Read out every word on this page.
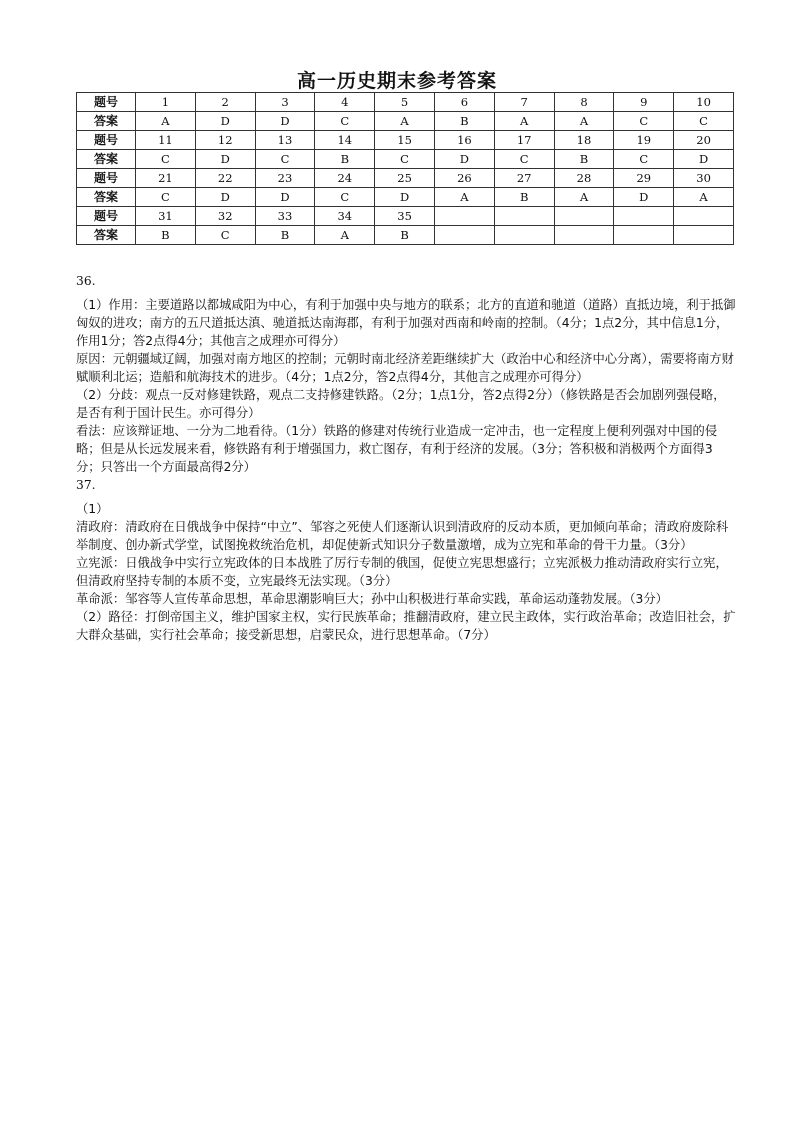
高一历史期末参考答案
题号	1	2	3	4	5	6	7	8	9	10
答案	A	D	D	C	A	B	A	A	C	C
题号	11	12	13	14	15	16	17	18	19	20
答案	C	D	C	B	C	D	C	B	C	D
题号	21	22	23	24	25	26	27	28	29	30
答案	C	D	D	C	D	A	B	A	D	A
题号	31	32	33	34	35					
答案	B	C	B	A	B					

36.

（1）作用：主要道路以都城咸阳为中心，有利于加强中央与地方的联系；北方的直道和驰道（道路）直抵边境，利于抵御匈奴的进攻；南方的五尺道抵达滇、驰道抵达南海郡，有利于加强对西南和岭南的控制。（4分；1点2分，其中信息1分，作用1分；答2点得4分；其他言之成理亦可得分）

原因：元朝疆域辽阔，加强对南方地区的控制；元朝时南北经济差距继续扩大（政治中心和经济中心分离），需要将南方财赋顺利北运；造船和航海技术的进步。（4分；1点2分，答2点得4分，其他言之成理亦可得分）

（2）分歧：观点一反对修建铁路，观点二支持修建铁路。（2分；1点1分，答2点得2分）（修铁路是否会加剧列强侵略，是否有利于国计民生。亦可得分）

看法：应该辩证地、一分为二地看待。（1分）铁路的修建对传统行业造成一定冲击，也一定程度上便利列强对中国的侵略；但是从长远发展来看，修铁路有利于增强国力，救亡图存，有利于经济的发展。（3分；答积极和消极两个方面得3分；只答出一个方面最高得2分）

37.

（1）

清政府：清政府在日俄战争中保持“中立”、邹容之死使人们逐渐认识到清政府的反动本质，更加倾向革命；清政府废除科举制度、创办新式学堂，试图挽救统治危机，却促使新式知识分子数量激增，成为立宪和革命的骨干力量。（3分）

立宪派：日俄战争中实行立宪政体的日本战胜了厉行专制的俄国，促使立宪思想盛行；立宪派极力推动清政府实行立宪，但清政府坚持专制的本质不变，立宪最终无法实现。（3分）

革命派：邹容等人宣传革命思想，革命思潮影响巨大；孙中山积极进行革命实践，革命运动蓬勃发展。（3分）

（2）路径：打倒帝国主义，维护国家主权，实行民族革命；推翻清政府，建立民主政体，实行政治革命；改造旧社会，扩大群众基础，实行社会革命；接受新思想，启蒙民众，进行思想革命。（7分）
